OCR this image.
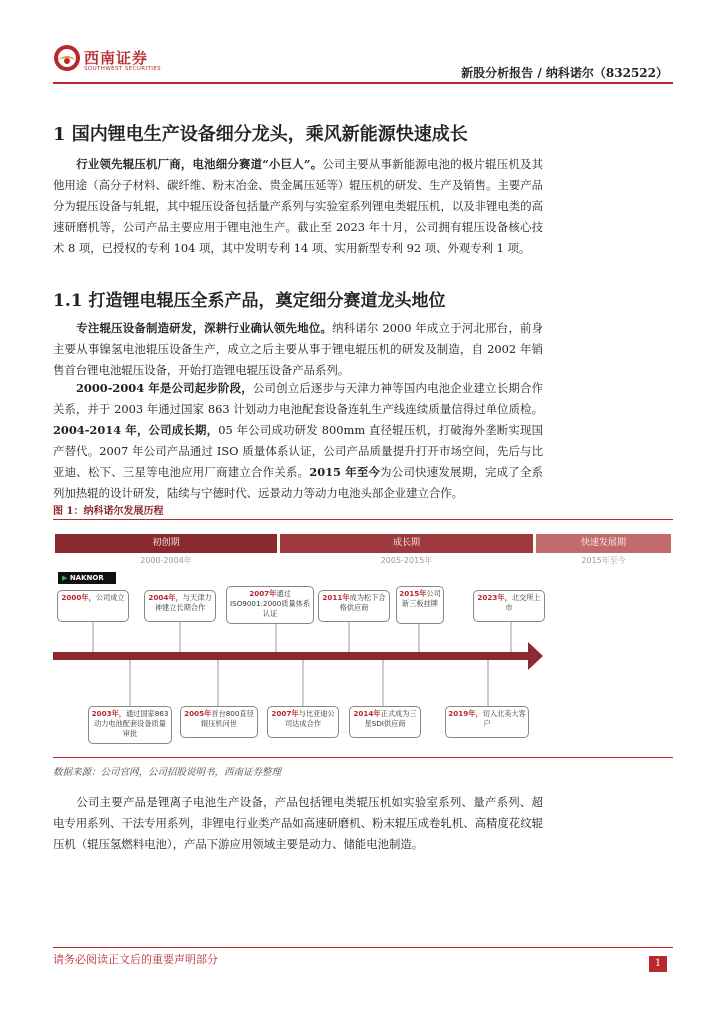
西南证券
SOUTHWEST SECURITIES	新股分析报告 / 纳科诺尔（832522）
1 国内锂电生产设备细分龙头，乘风新能源快速成长

行业领先辊压机厂商，电池细分赛道“小巨人”。公司主要从事新能源电池的极片辊压机及其他用途（高分子材料、碳纤维、粉末冶金、贵金属压延等）辊压机的研发、生产及销售。主要产品分为辊压设备与轧辊，其中辊压设备包括量产系列与实验室系列锂电类辊压机，以及非锂电类的高速研磨机等，公司产品主要应用于锂电池生产。截止至 2023 年十月，公司拥有辊压设备核心技术 8 项，已授权的专利 104 项，其中发明专利 14 项、实用新型专利 92 项、外观专利 1 项。

1.1 打造锂电辊压全系产品，奠定细分赛道龙头地位

专注辊压设备制造研发，深耕行业确认领先地位。纳科诺尔 2000 年成立于河北邢台，前身主要从事镍氢电池辊压设备生产，成立之后主要从事于锂电辊压机的研发及制造，自 2002 年销售首台锂电池辊压设备，开始打造锂电辊压设备产品系列。

2000-2004 年是公司起步阶段，公司创立后逐步与天津力神等国内电池企业建立长期合作关系，并于 2003 年通过国家 863 计划动力电池配套设备连轧生产线连续质量信得过单位质检。2004-2014 年，公司成长期，05 年公司成功研发 800mm 直径辊压机，打破海外垄断实现国产替代。2007 年公司产品通过 ISO 质量体系认证，公司产品质量提升打开市场空间，先后与比亚迪、松下、三星等电池应用厂商建立合作关系。2015 年至今为公司快速发展期，完成了全系列加热辊的设计研发，陆续与宁德时代、远景动力等动力电池头部企业建立合作。

图 1：纳科诺尔发展历程
初创期	成长期	快速发展期
2000-2004年	2005-2015年	2015年至今
▶ NAKNOR
2000年，公司成立	2004年，与天津力神建立长期合作
2007年通过ISO9001:2000质量体系认证
2011年成为松下合格供应商
2015年公司新三板挂牌
2023年，北交所上市
2003年，通过国家863动力电池配套设备质量审批
2005年首台800直径辊压机问世
2007年与比亚迪公司达成合作
2014年正式成为三星SDI供应商
2019年，切入北美大客户
数据来源：公司官网，公司招股说明书，西南证券整理

公司主要产品是锂离子电池生产设备，产品包括锂电类辊压机如实验室系列、量产系列、超电专用系列、干法专用系列，非锂电行业类产品如高速研磨机、粉末辊压成卷轧机、高精度花纹辊压机（辊压氢燃料电池），产品下游应用领域主要是动力、储能电池制造。

请务必阅读正文后的重要声明部分	1
